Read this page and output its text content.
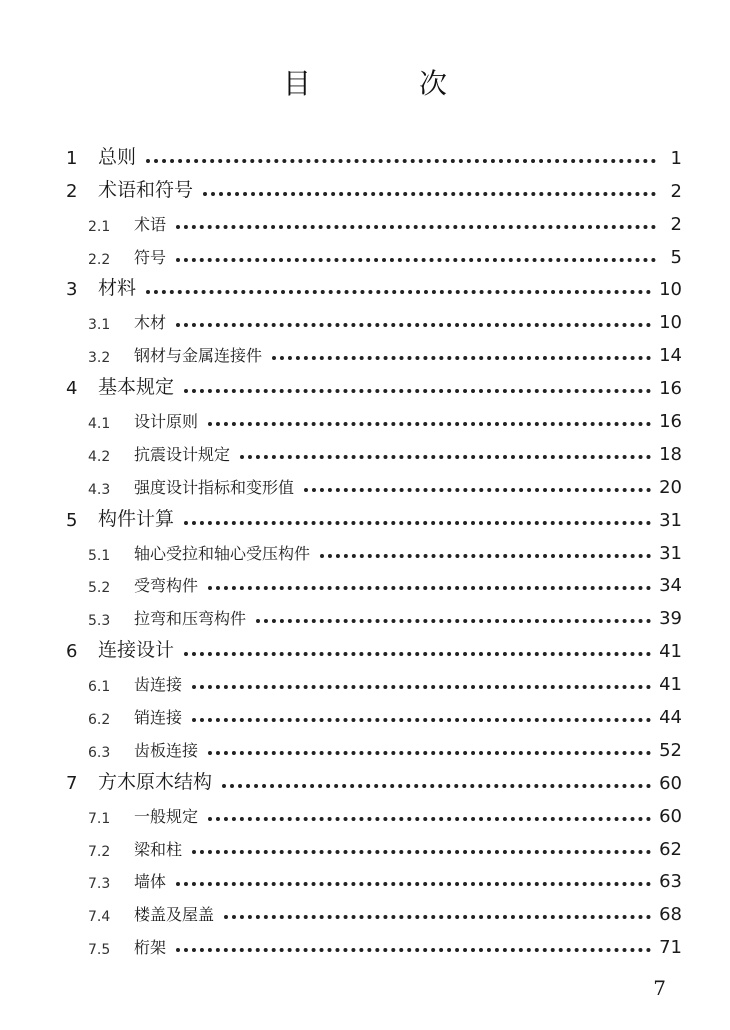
目　次
1	总则	1
2	术语和符号	2
2.1	术语	2
2.2	符号	5
3	材料	10
3.1	木材	10
3.2	钢材与金属连接件	14
4	基本规定	16
4.1	设计原则	16
4.2	抗震设计规定	18
4.3	强度设计指标和变形值	20
5	构件计算	31
5.1	轴心受拉和轴心受压构件	31
5.2	受弯构件	34
5.3	拉弯和压弯构件	39
6	连接设计	41
6.1	齿连接	41
6.2	销连接	44
6.3	齿板连接	52
7	方木原木结构	60
7.1	一般规定	60
7.2	梁和柱	62
7.3	墙体	63
7.4	楼盖及屋盖	68
7.5	桁架	71
7
